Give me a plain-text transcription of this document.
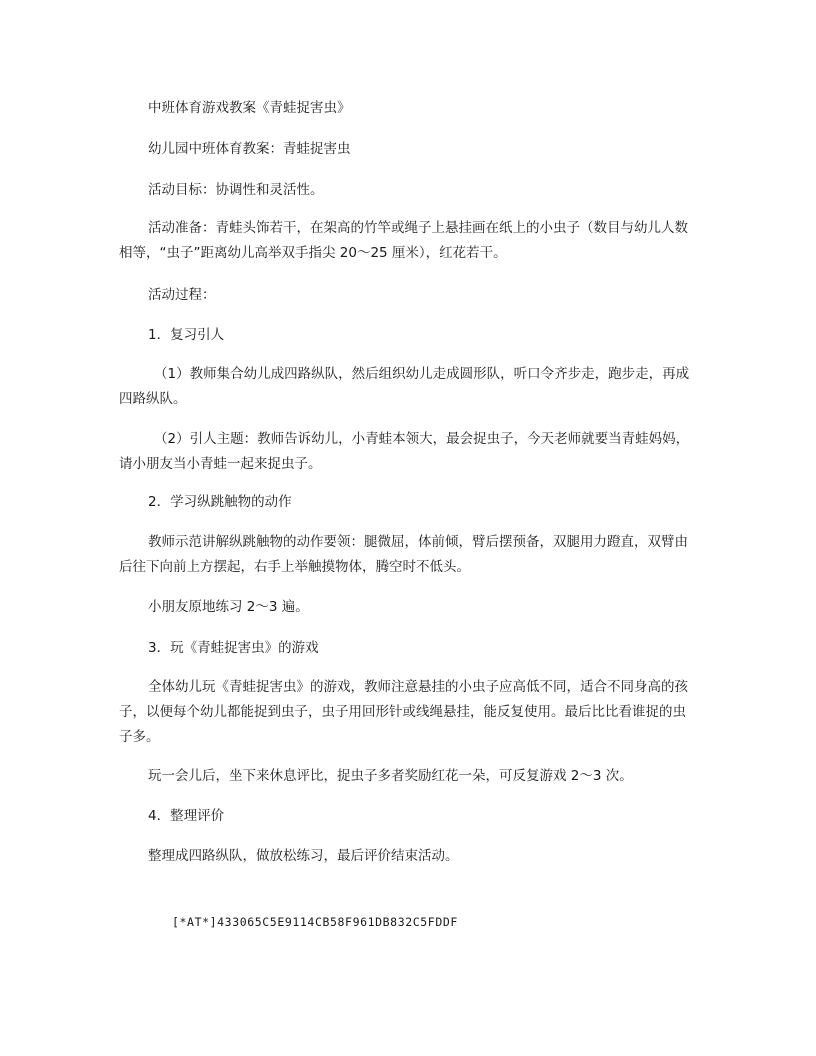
中班体育游戏教案《青蛙捉害虫》
幼儿园中班体育教案：青蛙捉害虫
活动目标：协调性和灵活性。
活动准备：青蛙头饰若干，在架高的竹竿或绳子上悬挂画在纸上的小虫子（数目与幼儿人数相等，“虫子”距离幼儿高举双手指尖 20～25 厘米），红花若干。
活动过程：
1．复习引人
（1）教师集合幼儿成四路纵队，然后组织幼儿走成圆形队，听口令齐步走，跑步走，再成四路纵队。
（2）引人主题：教师告诉幼儿，小青蛙本领大，最会捉虫子，今天老师就要当青蛙妈妈，请小朋友当小青蛙一起来捉虫子。
2．学习纵跳触物的动作
教师示范讲解纵跳触物的动作要领：腿微屈，体前倾，臂后摆预备，双腿用力蹬直，双臂由后往下向前上方摆起，右手上举触摸物体，腾空时不低头。
小朋友原地练习 2～3 遍。
3．玩《青蛙捉害虫》的游戏
全体幼儿玩《青蛙捉害虫》的游戏，教师注意悬挂的小虫子应高低不同，适合不同身高的孩子，以便每个幼儿都能捉到虫子，虫子用回形针或线绳悬挂，能反复使用。最后比比看谁捉的虫子多。
玩一会儿后，坐下来休息评比，捉虫子多者奖励红花一朵，可反复游戏 2～3 次。
4．整理评价
整理成四路纵队，做放松练习，最后评价结束活动。
[*AT*]433065C5E9114CB58F961DB832C5FDDF
